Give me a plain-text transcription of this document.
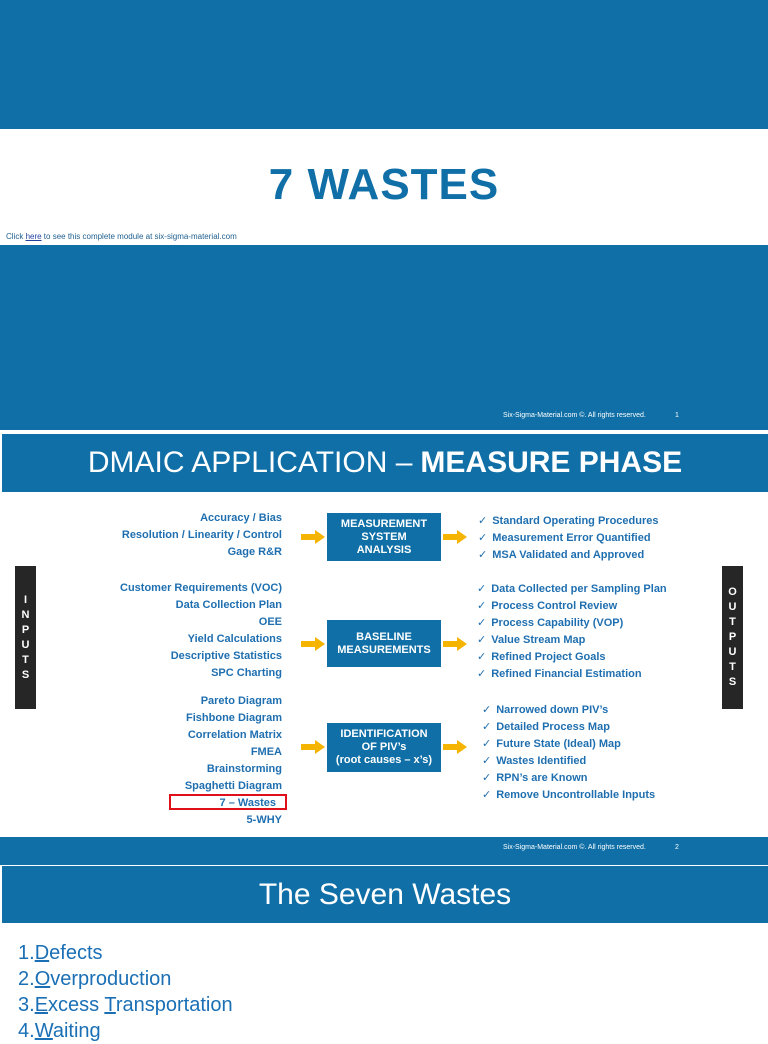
7 WASTES
Click here to see this complete module at six-sigma-material.com
Six-Sigma-Material.com ©. All rights reserved.	1
DMAIC APPLICATION – MEASURE PHASE
I
N
P
U
T
S
O
U
T
P
U
T
S
Accuracy / Bias
Resolution / Linearity / Control
Gage R&R
MEASUREMENT
SYSTEM
ANALYSIS
✓ Standard Operating Procedures
✓ Measurement Error Quantified
✓ MSA Validated and Approved
Customer Requirements (VOC)
Data Collection Plan
OEE
Yield Calculations
Descriptive Statistics
SPC Charting
BASELINE
MEASUREMENTS
✓ Data Collected per Sampling Plan
✓ Process Control Review
✓ Process Capability (VOP)
✓ Value Stream Map
✓ Refined Project Goals
✓ Refined Financial Estimation
Pareto Diagram
Fishbone Diagram
Correlation Matrix
FMEA
Brainstorming
Spaghetti Diagram
7 – Wastes
5-WHY
IDENTIFICATION
OF PIV’s
(root causes – x’s)
✓ Narrowed down PIV’s
✓ Detailed Process Map
✓ Future State (Ideal) Map
✓ Wastes Identified
✓ RPN’s are Known
✓ Remove Uncontrollable Inputs
Six-Sigma-Material.com ©. All rights reserved.	2
The Seven Wastes
1.Defects
2.Overproduction
3.Excess Transportation
4.Waiting
